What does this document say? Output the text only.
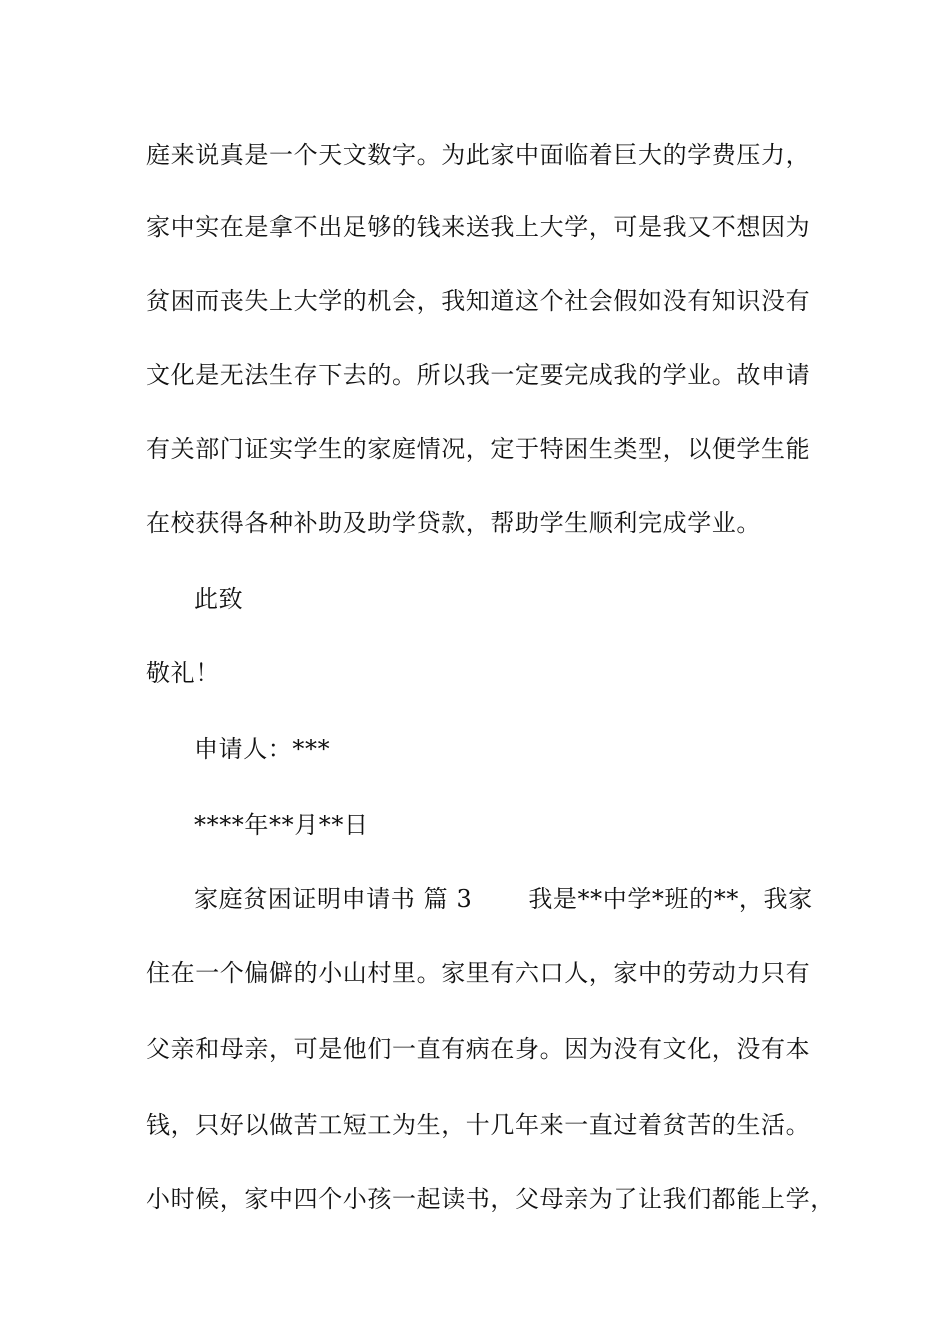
庭来说真是一个天文数字。为此家中面临着巨大的学费压力，
家中实在是拿不出足够的钱来送我上大学，可是我又不想因为
贫困而丧失上大学的机会，我知道这个社会假如没有知识没有
文化是无法生存下去的。所以我一定要完成我的学业。故申请
有关部门证实学生的家庭情况，定于特困生类型，以便学生能
在校获得各种补助及助学贷款，帮助学生顺利完成学业。
此致
敬礼！
申请人：***
****年**月**日
家庭贫困证明申请书 篇 3 我是**中学*班的**，我家
住在一个偏僻的小山村里。家里有六口人，家中的劳动力只有
父亲和母亲，可是他们一直有病在身。因为没有文化，没有本
钱，只好以做苦工短工为生，十几年来一直过着贫苦的生活。
小时候，家中四个小孩一起读书，父母亲为了让我们都能上学，
